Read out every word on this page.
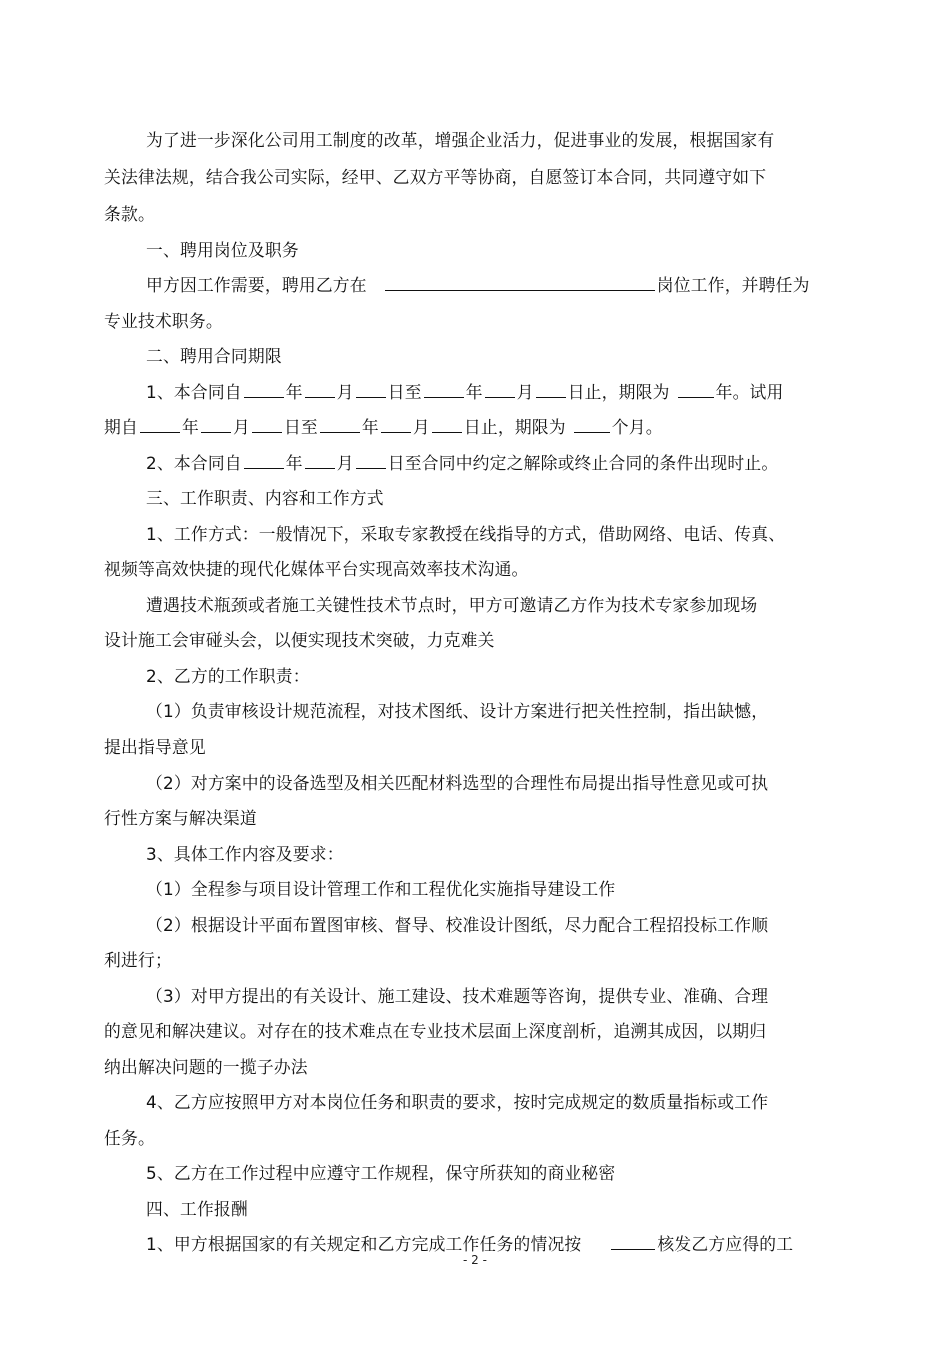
为了进一步深化公司用工制度的改革，增强企业活力，促进事业的发展，根据国家有
关法律法规，结合我公司实际，经甲、乙双方平等协商，自愿签订本合同，共同遵守如下
条款。
一、聘用岗位及职务
甲方因工作需要，聘用乙方在	岗位工作，并聘任为
专业技术职务。
二、聘用合同期限
1、本合同自	年 月 日至	年 月 日止，期限为	年。试用
期自	年 月 日至	年 月 日止，期限为	个月。
2、本合同自	年 月 日至合同中约定之解除或终止合同的条件出现时止。
三、工作职责、内容和工作方式
1、工作方式：一般情况下，采取专家教授在线指导的方式，借助网络、电话、传真、
视频等高效快捷的现代化媒体平台实现高效率技术沟通。
遭遇技术瓶颈或者施工关键性技术节点时，甲方可邀请乙方作为技术专家参加现场
设计施工会审碰头会，以便实现技术突破，力克难关
2、乙方的工作职责：
（1）负责审核设计规范流程，对技术图纸、设计方案进行把关性控制，指出缺憾，
提出指导意见
（2）对方案中的设备选型及相关匹配材料选型的合理性布局提出指导性意见或可执
行性方案与解决渠道
3、具体工作内容及要求：
（1）全程参与项目设计管理工作和工程优化实施指导建设工作
（2）根据设计平面布置图审核、督导、校准设计图纸，尽力配合工程招投标工作顺
利进行；
（3）对甲方提出的有关设计、施工建设、技术难题等咨询，提供专业、准确、合理
的意见和解决建议。对存在的技术难点在专业技术层面上深度剖析，追溯其成因，以期归
纳出解决问题的一揽子办法
4、乙方应按照甲方对本岗位任务和职责的要求，按时完成规定的数质量指标或工作
任务。
5、乙方在工作过程中应遵守工作规程，保守所获知的商业秘密
四、工作报酬
1、甲方根据国家的有关规定和乙方完成工作任务的情况按	核发乙方应得的工
- 2 -
